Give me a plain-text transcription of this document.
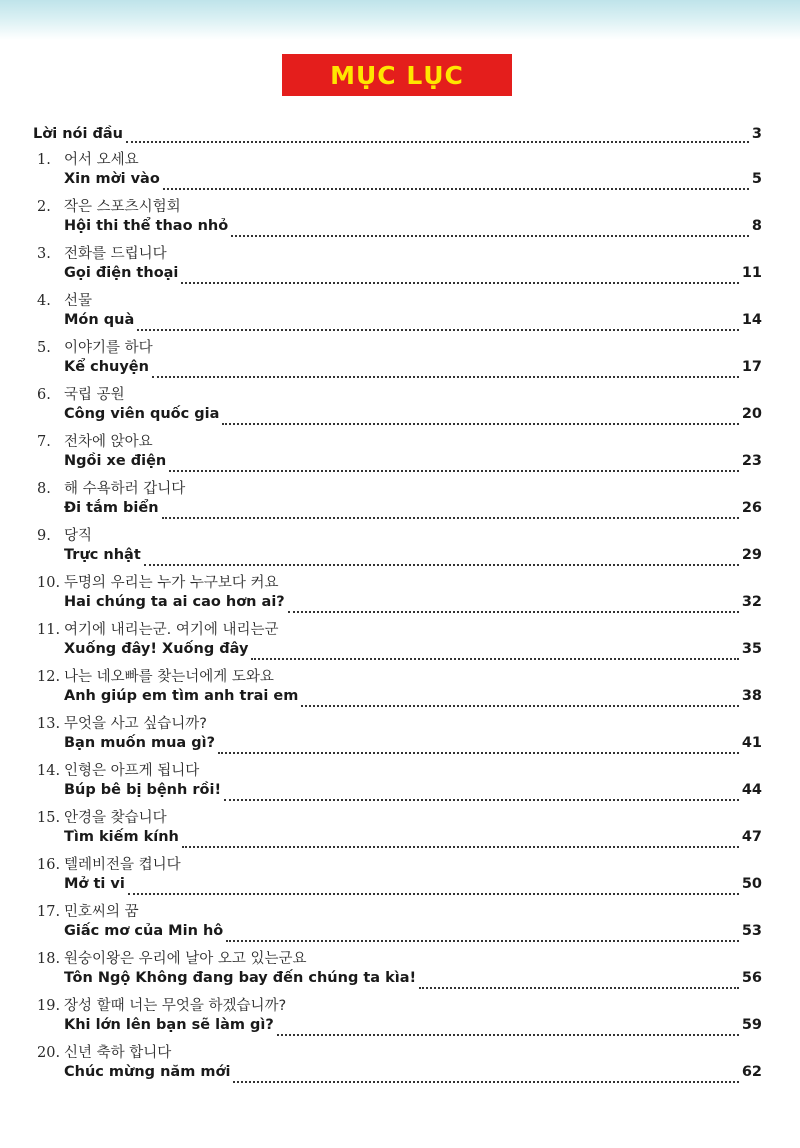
MỤC LỤC
Lời nói đầu	3
1. 어서 오세요
Xin mời vào	5
2. 작은 스포츠시험회
Hội thi thể thao nhỏ	8
3. 전화를 드립니다
Gọi điện thoại	11
4. 선물
Món quà	14
5. 이야기를 하다
Kể chuyện	17
6. 국립 공원
Công viên quốc gia	20
7. 전차에 앉아요
Ngồi xe điện	23
8. 해 수욕하러 갑니다
Đi tắm biển	26
9. 당직
Trực nhật	29
10. 두명의 우리는 누가 누구보다 커요
Hai chúng ta ai cao hơn ai?	32
11. 여기에 내리는군. 여기에 내리는군
Xuống đây! Xuống đây	35
12. 나는 네오빠를 찾는너에게 도와요
Anh giúp em tìm anh trai em	38
13. 무엇을 사고 싶습니까?
Bạn muốn mua gì?	41
14. 인형은 아프게 됩니다
Búp bê bị bệnh rồi!	44
15. 안경을 찾습니다
Tìm kiếm kính	47
16. 텔레비전을 켭니다
Mở ti vi	50
17. 민호씨의 꿈
Giấc mơ của Min hô	53
18. 원숭이왕은 우리에 날아 오고 있는군요
Tôn Ngộ Không đang bay đến chúng ta kìa!	56
19. 장성 할때 너는 무엇을 하겠습니까?
Khi lớn lên bạn sẽ làm gì?	59
20. 신년 축하 합니다
Chúc mừng năm mới	62
